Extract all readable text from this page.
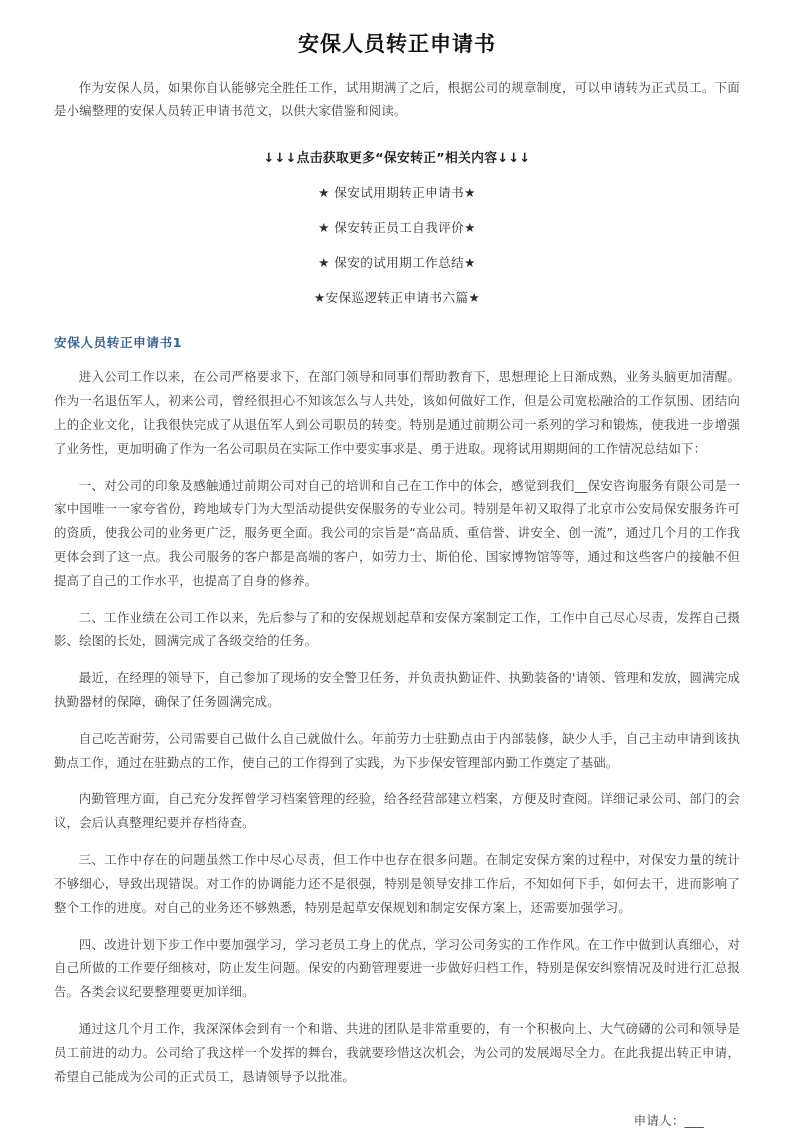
安保人员转正申请书

作为安保人员，如果你自认能够完全胜任工作，试用期满了之后，根据公司的规章制度，可以申请转为正式员工。下面是小编整理的安保人员转正申请书范文，以供大家借鉴和阅读。

↓↓↓点击获取更多“保安转正”相关内容↓↓↓

★ 保安试用期转正申请书★
★ 保安转正员工自我评价★
★ 保安的试用期工作总结★
★安保巡逻转正申请书六篇★
安保人员转正申请书1

进入公司工作以来，在公司严格要求下，在部门领导和同事们帮助教育下，思想理论上日渐成熟，业务头脑更加清醒。作为一名退伍军人，初来公司，曾经很担心不知该怎么与人共处，该如何做好工作，但是公司宽松融洽的工作氛围、团结向上的企业文化，让我很快完成了从退伍军人到公司职员的转变。特别是通过前期公司一系列的学习和锻炼，使我进一步增强了业务性，更加明确了作为一名公司职员在实际工作中要实事求是、勇于进取。现将试用期期间的工作情况总结如下：

一、对公司的印象及感触通过前期公司对自己的培训和自己在工作中的体会，感觉到我们__保安咨询服务有限公司是一家中国唯一一家夸省份，跨地域专门为大型活动提供安保服务的专业公司。特别是年初又取得了北京市公安局保安服务许可的资质，使我公司的业务更广泛，服务更全面。我公司的宗旨是“高品质、重信誉、讲安全、创一流”，通过几个月的工作我更体会到了这一点。我公司服务的客户都是高端的客户，如劳力士、斯伯伦、国家博物馆等等，通过和这些客户的接触不但提高了自己的工作水平，也提高了自身的修养。

二、工作业绩在公司工作以来，先后参与了和的安保规划起草和安保方案制定工作，工作中自己尽心尽责，发挥自己摄影、绘图的长处，圆满完成了各级交给的任务。

最近，在经理的领导下，自己参加了现场的安全警卫任务，并负责执勤证件、执勤装备的'请领、管理和发放，圆满完成执勤器材的保障，确保了任务圆满完成。

自己吃苦耐劳，公司需要自己做什么自己就做什么。年前劳力士驻勤点由于内部装修，缺少人手，自己主动申请到该执勤点工作，通过在驻勤点的工作，使自己的工作得到了实践，为下步保安管理部内勤工作奠定了基础。

内勤管理方面，自己充分发挥曾学习档案管理的经验，给各经营部建立档案，方便及时查阅。详细记录公司、部门的会议，会后认真整理纪要并存档待查。

三、工作中存在的问题虽然工作中尽心尽责，但工作中也存在很多问题。在制定安保方案的过程中，对保安力量的统计不够细心，导致出现错误。对工作的协调能力还不是很强，特别是领导安排工作后，不知如何下手，如何去干，进而影响了整个工作的进度。对自己的业务还不够熟悉，特别是起草安保规划和制定安保方案上，还需要加强学习。

四、改进计划下步工作中要加强学习，学习老员工身上的优点，学习公司务实的工作作风。在工作中做到认真细心，对自己所做的工作要仔细核对，防止发生问题。保安的内勤管理要进一步做好归档工作，特别是保安纠察情况及时进行汇总报告。各类会议纪要整理要更加详细。

通过这几个月工作，我深深体会到有一个和谐、共进的团队是非常重要的，有一个积极向上、大气磅礴的公司和领导是员工前进的动力。公司给了我这样一个发挥的舞台，我就要珍惜这次机会，为公司的发展竭尽全力。在此我提出转正申请，希望自己能成为公司的正式员工，恳请领导予以批准。

申请人：___
